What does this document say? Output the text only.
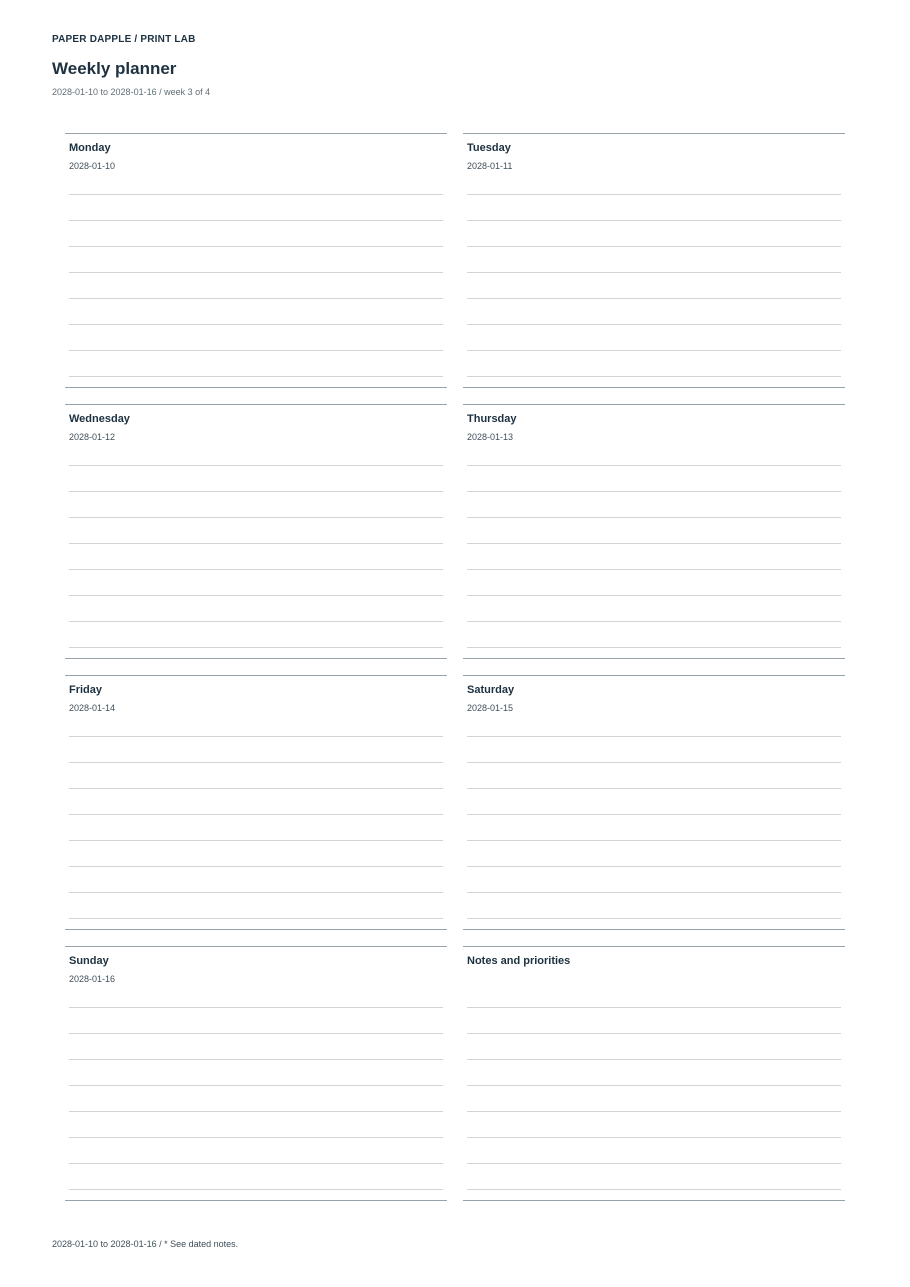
PAPER DAPPLE / PRINT LAB
Weekly planner
2028-01-10 to 2028-01-16 / week 3 of 4
Monday
2028-01-10
Tuesday
2028-01-11
Wednesday
2028-01-12
Thursday
2028-01-13
Friday
2028-01-14
Saturday
2028-01-15
Sunday
2028-01-16
Notes and priorities
2028-01-10 to 2028-01-16 / * See dated notes.
